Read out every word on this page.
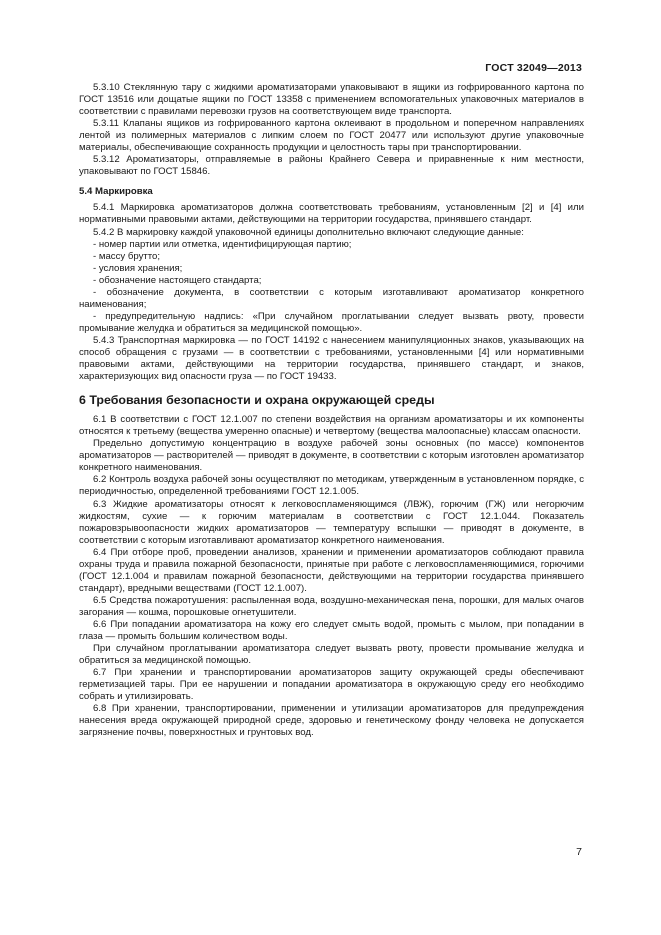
ГОСТ 32049—2013

5.3.10 Стеклянную тару с жидкими ароматизаторами упаковывают в ящики из гофрированного картона по ГОСТ 13516 или дощатые ящики по ГОСТ 13358 с применением вспомогательных упаковочных материалов в соответствии с правилами перевозки грузов на соответствующем виде транспорта.

5.3.11 Клапаны ящиков из гофрированного картона оклеивают в продольном и поперечном направлениях лентой из полимерных материалов с липким слоем по ГОСТ 20477 или используют другие упаковочные материалы, обеспечивающие сохранность продукции и целостность тары при транспортировании.

5.3.12 Ароматизаторы, отправляемые в районы Крайнего Севера и приравненные к ним местности, упаковывают по ГОСТ 15846.

5.4 Маркировка

5.4.1 Маркировка ароматизаторов должна соответствовать требованиям, установленным [2] и [4] или нормативными правовыми актами, действующими на территории государства, принявшего стандарт.

5.4.2 В маркировку каждой упаковочной единицы дополнительно включают следующие данные:

- номер партии или отметка, идентифицирующая партию;

- массу брутто;

- условия хранения;

- обозначение настоящего стандарта;

- обозначение документа, в соответствии с которым изготавливают ароматизатор конкретного наименования;

- предупредительную надпись: «При случайном проглатывании следует вызвать рвоту, провести промывание желудка и обратиться за медицинской помощью».

5.4.3 Транспортная маркировка — по ГОСТ 14192 с нанесением манипуляционных знаков, указывающих на способ обращения с грузами — в соответствии с требованиями, установленными [4] или нормативными правовыми актами, действующими на территории государства, принявшего стандарт, и знаков, характеризующих вид опасности груза — по ГОСТ 19433.

6 Требования безопасности и охрана окружающей среды

6.1 В соответствии с ГОСТ 12.1.007 по степени воздействия на организм ароматизаторы и их компоненты относятся к третьему (вещества умеренно опасные) и четвертому (вещества малоопасные) классам опасности.

Предельно допустимую концентрацию в воздухе рабочей зоны основных (по массе) компонентов ароматизаторов — растворителей — приводят в документе, в соответствии с которым изготовлен ароматизатор конкретного наименования.

6.2 Контроль воздуха рабочей зоны осуществляют по методикам, утвержденным в установленном порядке, с периодичностью, определенной требованиями ГОСТ 12.1.005.

6.3 Жидкие ароматизаторы относят к легковоспламеняющимся (ЛВЖ), горючим (ГЖ) или негорючим жидкостям, сухие — к горючим материалам в соответствии с ГОСТ 12.1.044. Показатель пожаровзрывоопасности жидких ароматизаторов — температуру вспышки — приводят в документе, в соответствии с которым изготавливают ароматизатор конкретного наименования.

6.4 При отборе проб, проведении анализов, хранении и применении ароматизаторов соблюдают правила охраны труда и правила пожарной безопасности, принятые при работе с легковоспламеняющимися, горючими (ГОСТ 12.1.004 и правилам пожарной безопасности, действующими на территории государства принявшего стандарт), вредными веществами (ГОСТ 12.1.007).

6.5 Средства пожаротушения: распыленная вода, воздушно-механическая пена, порошки, для малых очагов загорания — кошма, порошковые огнетушители.

6.6 При попадании ароматизатора на кожу его следует смыть водой, промыть с мылом, при попадании в глаза — промыть большим количеством воды.

При случайном проглатывании ароматизатора следует вызвать рвоту, провести промывание желудка и обратиться за медицинской помощью.

6.7 При хранении и транспортировании ароматизаторов защиту окружающей среды обеспечивают герметизацией тары. При ее нарушении и попадании ароматизатора в окружающую среду его необходимо собрать и утилизировать.

6.8 При хранении, транспортировании, применении и утилизации ароматизаторов для предупреждения нанесения вреда окружающей природной среде, здоровью и генетическому фонду человека не допускается загрязнение почвы, поверхностных и грунтовых вод.

7
